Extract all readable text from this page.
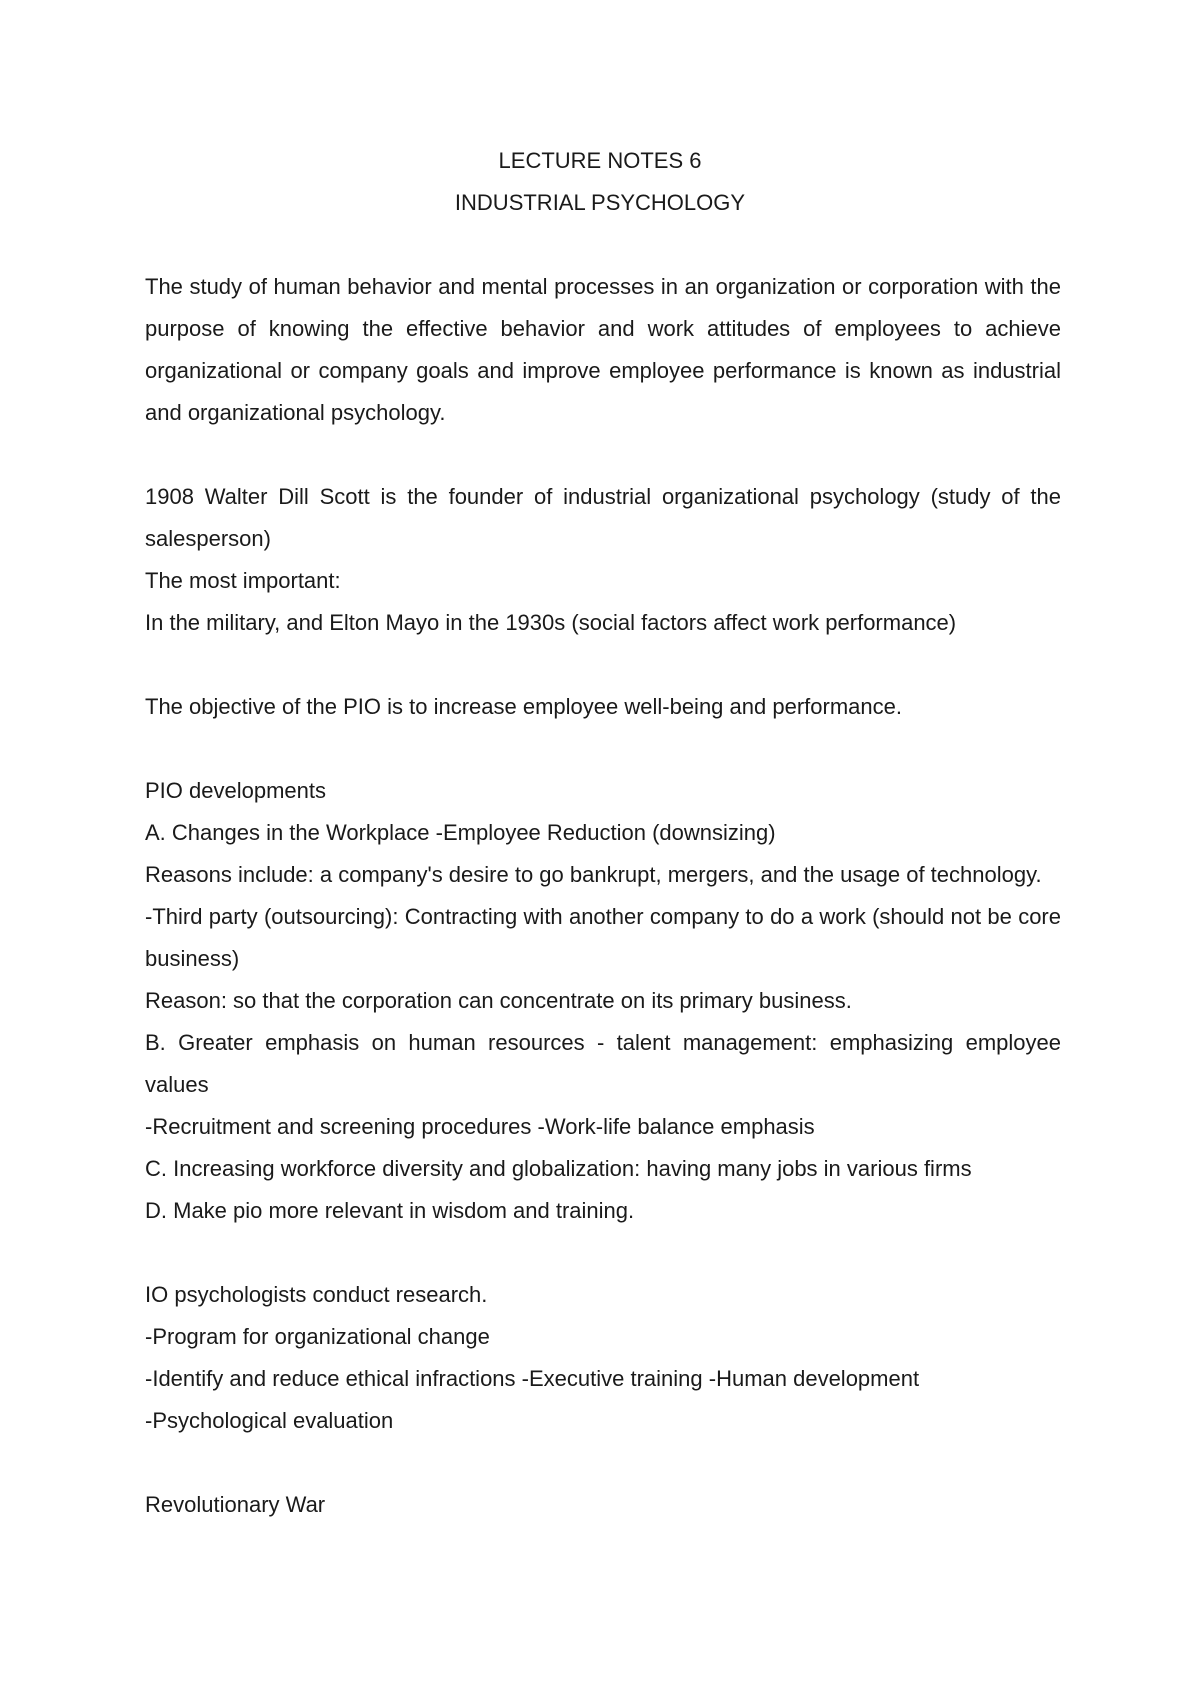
LECTURE NOTES 6
INDUSTRIAL PSYCHOLOGY

The study of human behavior and mental processes in an organization or corporation with the purpose of knowing the effective behavior and work attitudes of employees to achieve organizational or company goals and improve employee performance is known as industrial and organizational psychology.

1908 Walter Dill Scott is the founder of industrial organizational psychology (study of the salesperson)

The most important:

In the military, and Elton Mayo in the 1930s (social factors affect work performance)

The objective of the PIO is to increase employee well-being and performance.

PIO developments

A. Changes in the Workplace -Employee Reduction (downsizing)

Reasons include: a company's desire to go bankrupt, mergers, and the usage of technology.

-Third party (outsourcing): Contracting with another company to do a work (should not be core business)

Reason: so that the corporation can concentrate on its primary business.

B. Greater emphasis on human resources - talent management: emphasizing employee values

-Recruitment and screening procedures -Work-life balance emphasis

C. Increasing workforce diversity and globalization: having many jobs in various firms

D. Make pio more relevant in wisdom and training.

IO psychologists conduct research.

-Program for organizational change

-Identify and reduce ethical infractions -Executive training -Human development

-Psychological evaluation

Revolutionary War
